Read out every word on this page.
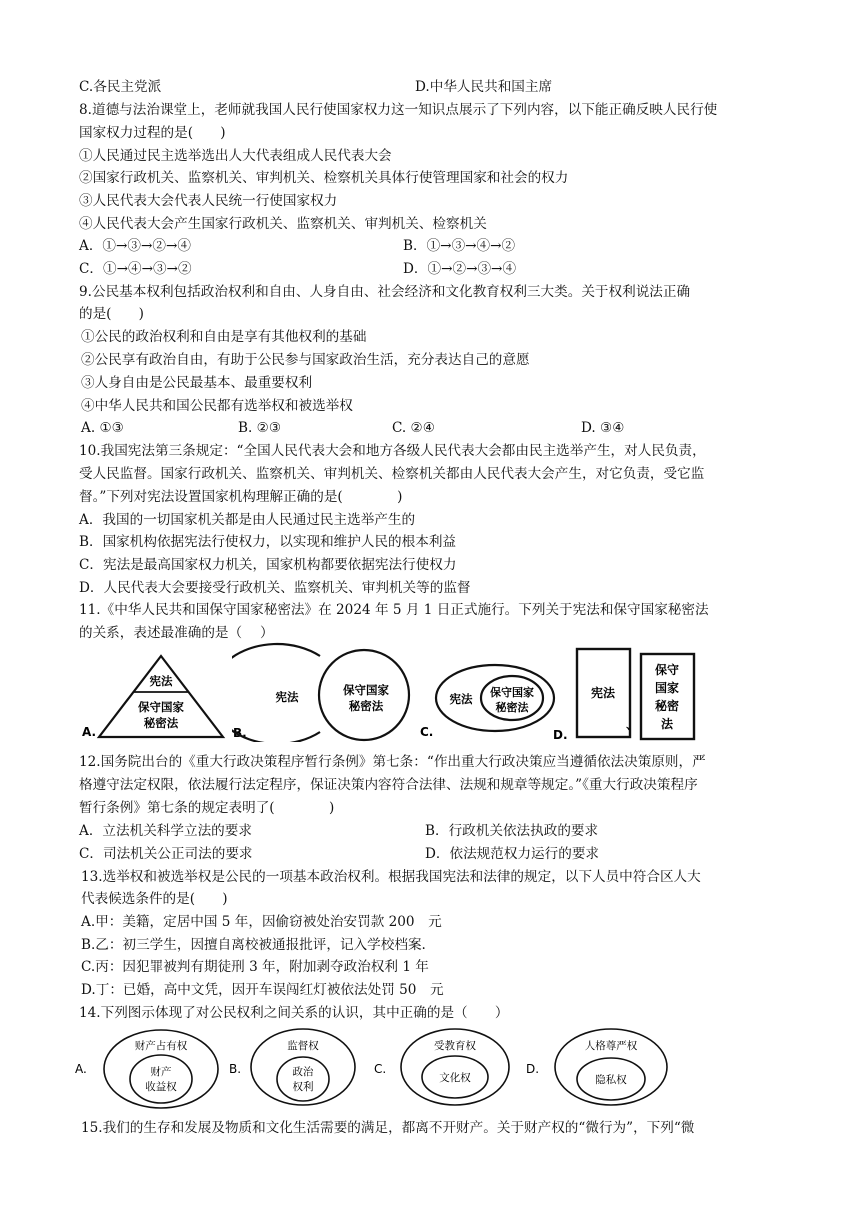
C.各民主党派	D.中华人民共和国主席
8.道德与法治课堂上，老师就我国人民行使国家权力这一知识点展示了下列内容，以下能正确反映人民行使
国家权力过程的是(　　)
①人民通过民主选举选出人大代表组成人民代表大会
②国家行政机关、监察机关、审判机关、检察机关具体行使管理国家和社会的权力
③人民代表大会代表人民统一行使国家权力
④人民代表大会产生国家行政机关、监察机关、审判机关、检察机关
A．①→③→②→④	B．①→③→④→②
C．①→④→③→②	D．①→②→③→④
9.公民基本权利包括政治权利和自由、人身自由、社会经济和文化教育权利三大类。关于权利说法正确
的是(　　)
①公民的政治权利和自由是享有其他权利的基础
②公民享有政治自由，有助于公民参与国家政治生活，充分表达自己的意愿
③人身自由是公民最基本、最重要权利
④中华人民共和国公民都有选举权和被选举权
A. ①③	B. ②③	C. ②④	D. ③④
10.我国宪法第三条规定：“全国人民代表大会和地方各级人民代表大会都由民主选举产生，对人民负责，
受人民监督。国家行政机关、监察机关、审判机关、检察机关都由人民代表大会产生，对它负责，受它监
督。”下列对宪法设置国家机构理解正确的是(　　　　)
A．我国的一切国家机关都是由人民通过民主选举产生的
B．国家机构依据宪法行使权力，以实现和维护人民的根本利益
C．宪法是最高国家权力机关，国家机构都要依据宪法行使权力
D．人民代表大会要接受行政机关、监察机关、审判机关等的监督
11.《中华人民共和国保守国家秘密法》在 2024 年 5 月 1 日正式施行。下列关于宪法和保守国家秘密法
的关系，表述最准确的是（　 ）
A.
宪法
保守国家
秘密法
B.
宪法	保守国家
秘密法
C.
宪法 保守国家
秘密法
D.
宪法
、
保守
国家
秘密
法
12.国务院出台的《重大行政决策程序暂行条例》第七条：“作出重大行政决策应当遵循依法决策原则，严
格遵守法定权限，依法履行法定程序，保证决策内容符合法律、法规和规章等规定。”《重大行政决策程序
暂行条例》第七条的规定表明了(　　　　)
A．立法机关科学立法的要求	B．行政机关依法执政的要求
C．司法机关公正司法的要求	D．依法规范权力运行的要求
13.选举权和被选举权是公民的一项基本政治权利。根据我国宪法和法律的规定，以下人员中符合区人大
代表候选条件的是(　　)
A.甲：美籍，定居中国 5 年，因偷窃被处治安罚款 200　元
B.乙：初三学生，因擅自离校被通报批评，记入学校档案.
C.丙：因犯罪被判有期徒刑 3 年，附加剥夺政治权利 1 年
D.丁：已婚，高中文凭，因开车误闯红灯被依法处罚 50　元
14.下列图示体现了对公民权利之间关系的认识，其中正确的是（　　）
A.
财产占有权
财产
收益权
B.
监督权
政治
权利
C.
受教育权
文化权
D.
人格尊严权
隐私权
15.我们的生存和发展及物质和文化生活需要的满足，都离不开财产。关于财产权的“微行为”，下列“微
